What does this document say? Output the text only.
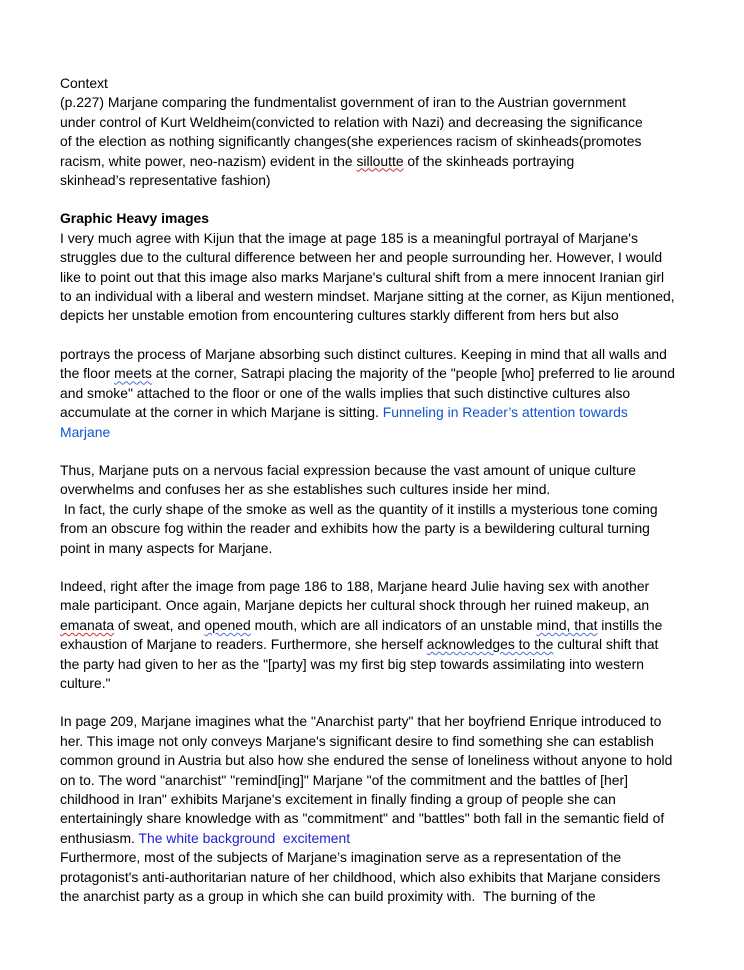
Context

(p.227) Marjane comparing the fundmentalist government of iran to the Austrian government

under control of Kurt Weldheim(convicted to relation with Nazi) and decreasing the significance

of the election as nothing significantly changes(she experiences racism of skinheads(promotes

racism, white power, neo-nazism) evident in the silloutte of the skinheads portraying

skinhead’s representative fashion)

Graphic Heavy images

I very much agree with Kijun that the image at page 185 is a meaningful portrayal of Marjane's

struggles due to the cultural difference between her and people surrounding her. However, I would

like to point out that this image also marks Marjane's cultural shift from a mere innocent Iranian girl

to an individual with a liberal and western mindset. Marjane sitting at the corner, as Kijun mentioned,

depicts her unstable emotion from encountering cultures starkly different from hers but also

portrays the process of Marjane absorbing such distinct cultures. Keeping in mind that all walls and

the floor meets at the corner, Satrapi placing the majority of the "people [who] preferred to lie around

and smoke" attached to the floor or one of the walls implies that such distinctive cultures also

accumulate at the corner in which Marjane is sitting. Funneling in Reader’s attention towards

Marjane

Thus, Marjane puts on a nervous facial expression because the vast amount of unique culture

overwhelms and confuses her as she establishes such cultures inside her mind.

In fact, the curly shape of the smoke as well as the quantity of it instills a mysterious tone coming

from an obscure fog within the reader and exhibits how the party is a bewildering cultural turning

point in many aspects for Marjane.

Indeed, right after the image from page 186 to 188, Marjane heard Julie having sex with another

male participant. Once again, Marjane depicts her cultural shock through her ruined makeup, an

emanata of sweat, and opened mouth, which are all indicators of an unstable mind, that instills the

exhaustion of Marjane to readers. Furthermore, she herself acknowledges to the cultural shift that

the party had given to her as the "[party] was my first big step towards assimilating into western

culture."

In page 209, Marjane imagines what the "Anarchist party" that her boyfriend Enrique introduced to

her. This image not only conveys Marjane's significant desire to find something she can establish

common ground in Austria but also how she endured the sense of loneliness without anyone to hold

on to. The word "anarchist" "remind[ing]" Marjane "of the commitment and the battles of [her]

childhood in Iran" exhibits Marjane's excitement in finally finding a group of people she can

entertainingly share knowledge with as "commitment" and "battles" both fall in the semantic field of

enthusiasm. The white background  excitement

Furthermore, most of the subjects of Marjane’s imagination serve as a representation of the

protagonist's anti-authoritarian nature of her childhood, which also exhibits that Marjane considers

the anarchist party as a group in which she can build proximity with.  The burning of the
